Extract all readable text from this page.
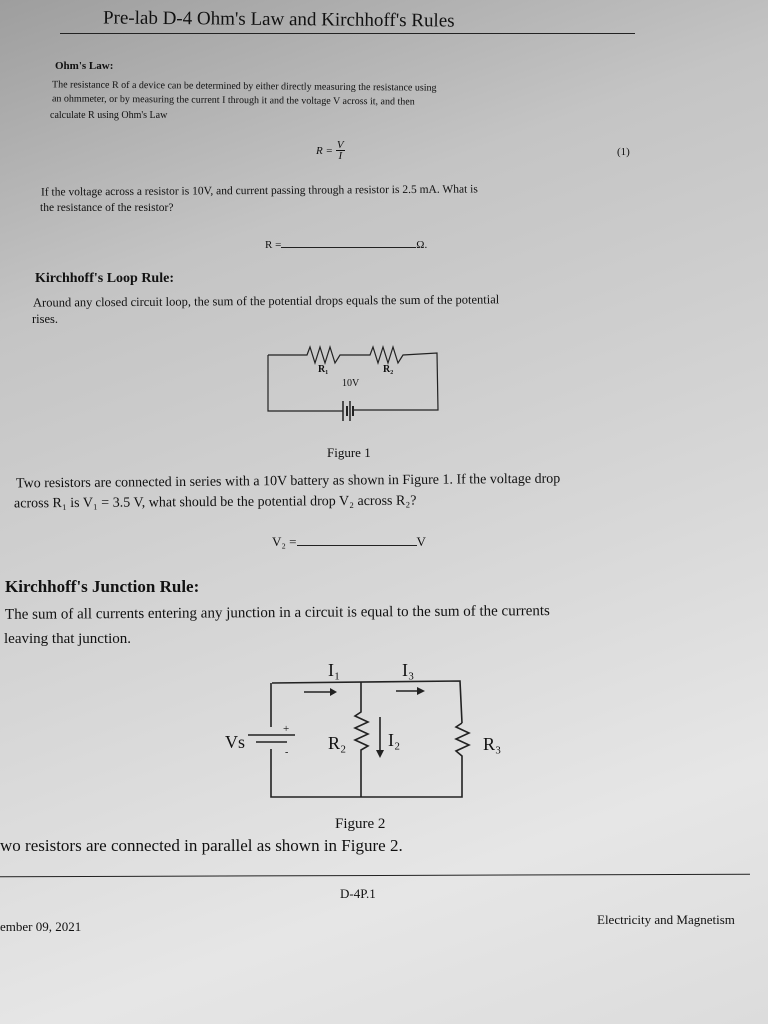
Pre-lab D-4 Ohm's Law and Kirchhoff's Rules
Ohm's Law:
The resistance R of a device can be determined by either directly measuring the resistance using
an ohmmeter, or by measuring the current I through it and the voltage V across it, and then
calculate R using Ohm's Law
$R = \frac{V}{I}$	(1)
If the voltage across a resistor is 10V, and current passing through a resistor is 2.5 mA. What is
the resistance of the resistor?
R =	Ω.
Kirchhoff's Loop Rule:
Around any closed circuit loop, the sum of the potential drops equals the sum of the potential
rises.
R₁	R₂
10V
Figure 1
I₁	I₃
I₂
Vs
+
- R₂	R₃
Figure 2
Two resistors are connected in series with a 10V battery as shown in Figure 1. If the voltage drop
across R₁ is V₁ = 3.5 V, what should be the potential drop V₂ across R₂?
V₂ =	V
Kirchhoff's Junction Rule:
The sum of all currents entering any junction in a circuit is equal to the sum of the currents
leaving that junction.
wo resistors are connected in parallel as shown in Figure 2.
D-4P.1
ember 09, 2021	Electricity and Magnetism
